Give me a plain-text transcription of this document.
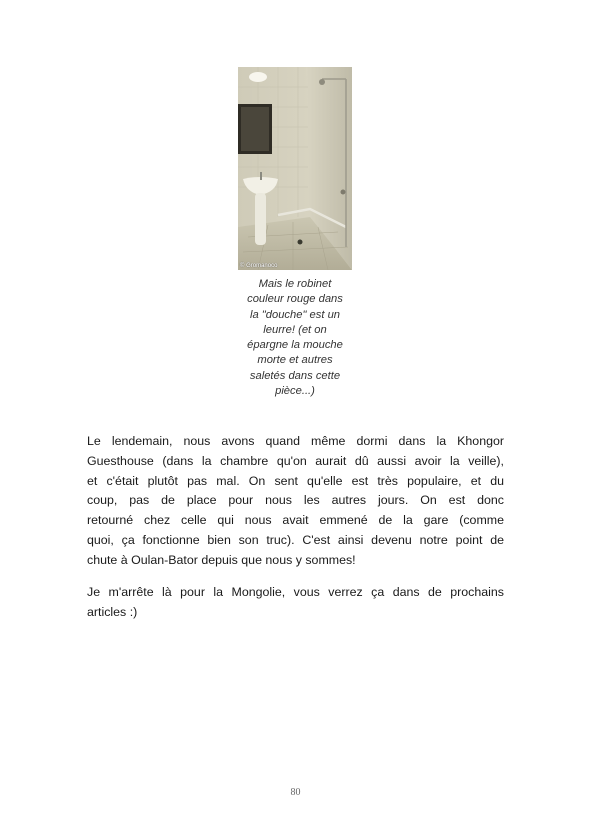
© Gromanoco
Mais le robinet
couleur rouge dans
la "douche" est un
leurre! (et on
épargne la mouche
morte et autres
saletés dans cette
pièce...)
Le lendemain, nous avons quand même dormi dans la Khongor
Guesthouse (dans la chambre qu'on aurait dû aussi avoir la veille),
et c'était plutôt pas mal. On sent qu'elle est très populaire, et du
coup, pas de place pour nous les autres jours. On est donc
retourné chez celle qui nous avait emmené de la gare (comme
quoi, ça fonctionne bien son truc). C'est ainsi devenu notre point de
chute à Oulan-Bator depuis que nous y sommes!
Je m'arrête là pour la Mongolie, vous verrez ça dans de prochains
articles :)
80
